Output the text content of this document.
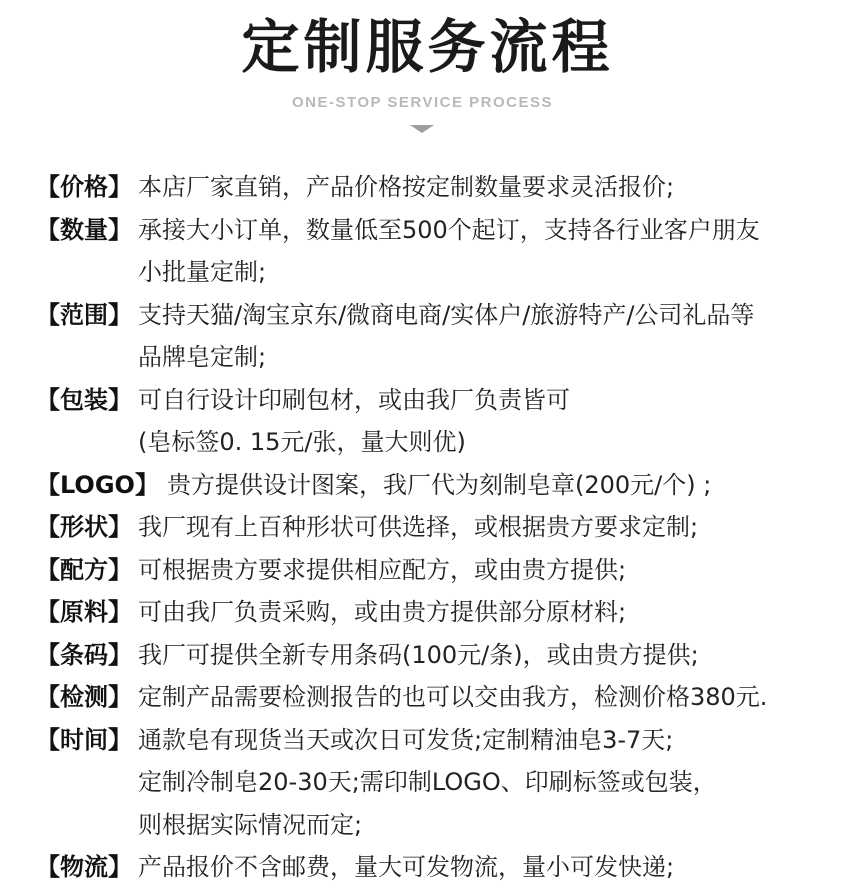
定制服务流程
ONE-STOP SERVICE PROCESS
【价格】 本店厂家直销，产品价格按定制数量要求灵活报价;
【数量】 承接大小订单，数量低至500个起订，支持各行业客户朋友
小批量定制;
【范围】 支持天猫/淘宝京东/微商电商/实体户/旅游特产/公司礼品等
品牌皂定制;
【包装】 可自行设计印刷包材，或由我厂负责皆可
(皂标签0. 15元/张，量大则优)
【LOGO】 贵方提供设计图案，我厂代为刻制皂章(200元/个) ;
【形状】 我厂现有上百种形状可供选择，或根据贵方要求定制;
【配方】 可根据贵方要求提供相应配方，或由贵方提供;
【原料】 可由我厂负责采购，或由贵方提供部分原材料;
【条码】 我厂可提供全新专用条码(100元/条)，或由贵方提供;
【检测】 定制产品需要检测报告的也可以交由我方，检测价格380元.
【时间】 通款皂有现货当天或次日可发货;定制精油皂3-7天;
定制冷制皂20-30天;需印制LOGO、印刷标签或包装，
则根据实际情况而定;
【物流】 产品报价不含邮费，量大可发物流，量小可发快递;
